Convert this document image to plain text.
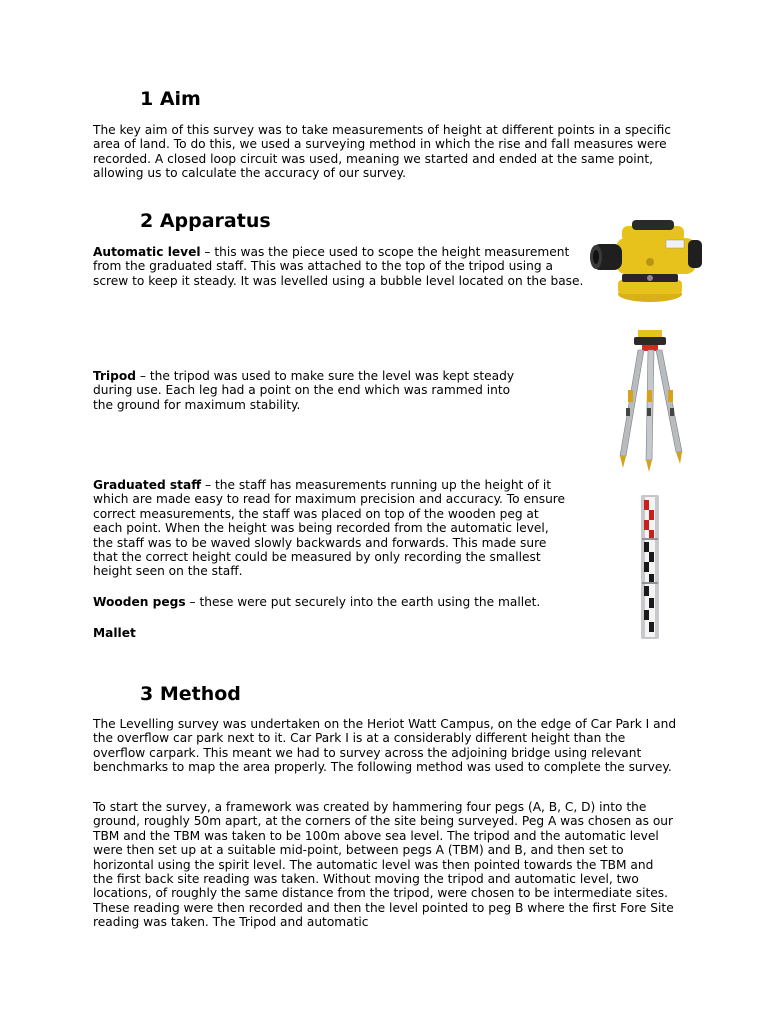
1 Aim

The key aim of this survey was to take measurements of height at different points in a specific area of land. To do this, we used a surveying method in which the rise and fall measures were recorded. A closed loop circuit was used, meaning we started and ended at the same point, allowing us to calculate the accuracy of our survey.

2 Apparatus

Automatic level – this was the piece used to scope the height measurement from the graduated staff. This was attached to the top of the tripod using a screw to keep it steady. It was levelled using a bubble level located on the base.

Tripod – the tripod was used to make sure the level was kept steady during use. Each leg had a point on the end which was rammed into the ground for maximum stability.

Graduated staff – the staff has measurements running up the height of it which are made easy to read for maximum precision and accuracy. To ensure correct measurements, the staff was placed on top of the wooden peg at each point. When the height was being recorded from the automatic level, the staff was to be waved slowly backwards and forwards. This made sure that the correct height could be measured by only recording the smallest height seen on the staff.

Wooden pegs – these were put securely into the earth using the mallet.

Mallet

3 Method

The Levelling survey was undertaken on the Heriot Watt Campus, on the edge of Car Park I and the overflow car park next to it. Car Park I is at a considerably different height than the overflow carpark. This meant we had to survey across the adjoining bridge using relevant benchmarks to map the area properly. The following method was used to complete the survey.

To start the survey, a framework was created by hammering four pegs (A, B, C, D) into the ground, roughly 50m apart, at the corners of the site being surveyed. Peg A was chosen as our TBM and the TBM was taken to be 100m above sea level. The tripod and the automatic level were then set up at a suitable mid-point, between pegs A (TBM) and B, and then set to horizontal using the spirit level. The automatic level was then pointed towards the TBM and the first back site reading was taken. Without moving the tripod and automatic level, two locations, of roughly the same distance from the tripod, were chosen to be intermediate sites. These reading were then recorded and then the level pointed to peg B where the first Fore Site reading was taken. The Tripod and automatic
